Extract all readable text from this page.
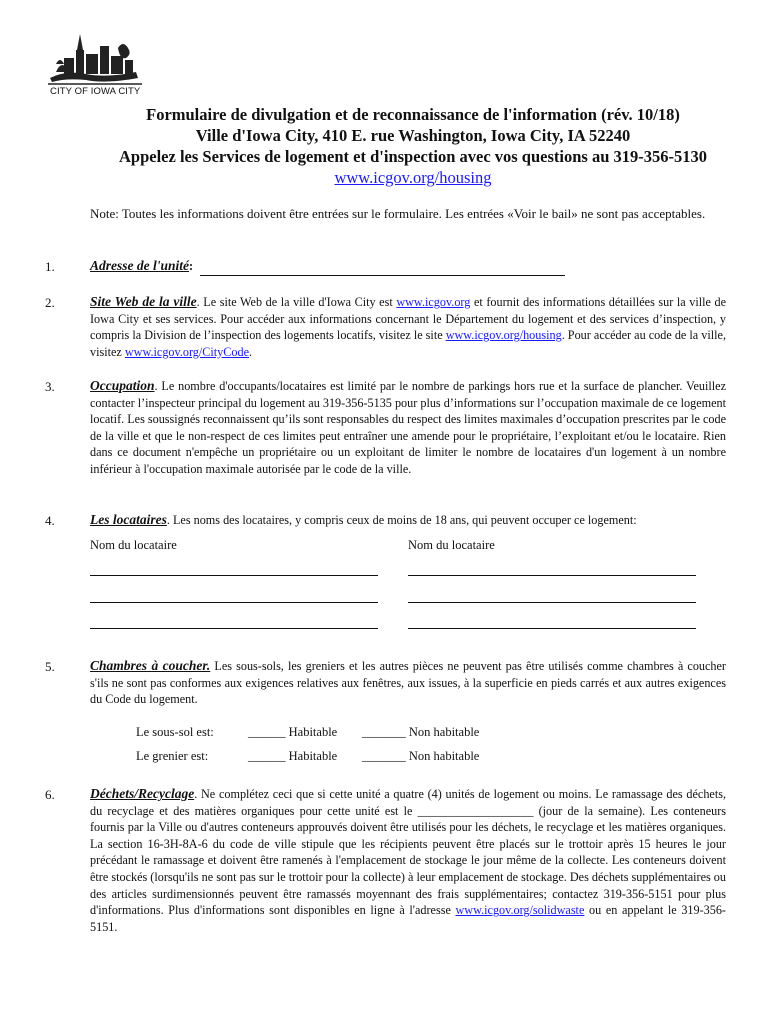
CITY OF IOWA CITY
Formulaire de divulgation et de reconnaissance de l'information (rév. 10/18)
Ville d'Iowa City, 410 E. rue Washington, Iowa City, IA 52240
Appelez les Services de logement et d'inspection avec vos questions au 319-356-5130
www.icgov.org/housing
Note: Toutes les informations doivent être entrées sur le formulaire. Les entrées «Voir le bail» ne sont pas acceptables.
1.	Adresse de l'unité:
2.	Site Web de la ville. Le site Web de la ville d'Iowa City est www.icgov.org et fournit des informations détaillées sur la ville de Iowa City et ses services. Pour accéder aux informations concernant le Département du logement et des services d’inspection, y compris la Division de l’inspection des logements locatifs, visitez le site www.icgov.org/housing. Pour accéder au code de la ville, visitez www.icgov.org/CityCode.
3.	Occupation. Le nombre d'occupants/locataires est limité par le nombre de parkings hors rue et la surface de plancher. Veuillez contacter l’inspecteur principal du logement au 319-356-5135 pour plus d’informations sur l’occupation maximale de ce logement locatif. Les soussignés reconnaissent qu’ils sont responsables du respect des limites maximales d’occupation prescrites par le code de la ville et que le non-respect de ces limites peut entraîner une amende pour le propriétaire, l’exploitant et/ou le locataire. Rien dans ce document n'empêche un propriétaire ou un exploitant de limiter le nombre de locataires d'un logement à un nombre inférieur à l'occupation maximale autorisée par le code de la ville.
4.	Les locataires. Les noms des locataires, y compris ceux de moins de 18 ans, qui peuvent occuper ce logement:
Nom du locataire	Nom du locataire
5.	Chambres à coucher. Les sous-sols, les greniers et les autres pièces ne peuvent pas être utilisés comme chambres à coucher s'ils ne sont pas conformes aux exigences relatives aux fenêtres, aux issues, à la superficie en pieds carrés et aux autres exigences du Code du logement.
Le sous-sol est:	______ Habitable _______ Non habitable
Le grenier est:	______ Habitable _______ Non habitable
6.	Déchets/Recyclage. Ne complétez ceci que si cette unité a quatre (4) unités de logement ou moins. Le ramassage des déchets, du recyclage et des matières organiques pour cette unité est le ___________________ (jour de la semaine). Les conteneurs fournis par la Ville ou d'autres conteneurs approuvés doivent être utilisés pour les déchets, le recyclage et les matières organiques. La section 16-3H-8A-6 du code de ville stipule que les récipients peuvent être placés sur le trottoir après 15 heures le jour précédant le ramassage et doivent être ramenés à l'emplacement de stockage le jour même de la collecte. Les conteneurs doivent être stockés (lorsqu'ils ne sont pas sur le trottoir pour la collecte) à leur emplacement de stockage. Des déchets supplémentaires ou des articles surdimensionnés peuvent être ramassés moyennant des frais supplémentaires; contactez 319-356-5151 pour plus d'informations. Plus d'informations sont disponibles en ligne à l'adresse www.icgov.org/solidwaste ou en appelant le 319-356-5151.
